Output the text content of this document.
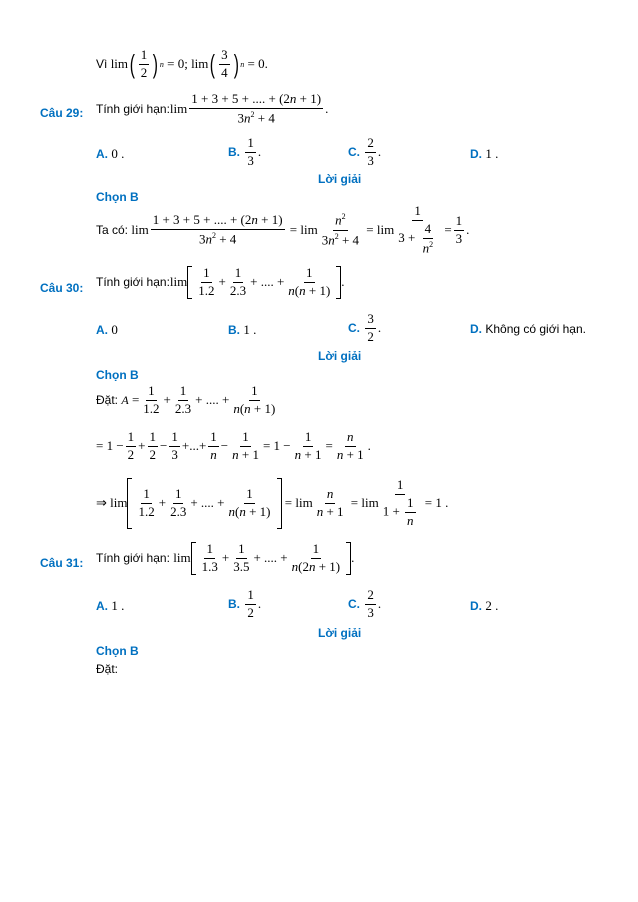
Vì
lim ( $\frac{1}{2}$ ) n = 0; lim ( $\frac{3}{4}$ ) n = 0.
Câu 29: Tính giới hạn: $\lim \frac{1 + 3 + 5 + .... + (2n + 1)}{3n^2 + 4}$ .
A. 0 .	B.
$\frac{1}{3}$ .	C.
$\frac{2}{3}$ .	D. 1 .
Lời giải
Chọn B
Ta có:
$\lim \frac{1 + 3 + 5 + .... + (2n + 1)}{3n^2 + 4} = \lim \frac{n^2}{3n^2 + 4} = \lim \frac{1}{3 + \frac{4}{n^2}} = \frac{1}{3}$ .
Câu 30: Tính giới hạn: $\lim \frac{1}{1.2} + \frac{1}{2.3}$ + .... + $\frac{1}{n(n + 1)}$ .
A. 0	B. 1 .	C.
$\frac{3}{2}$ .	D. Không có giới hạn.
Lời giải
Chọn B
Đặt:
$A = \frac{1}{1.2} + \frac{1}{2.3}$ + .... + $\frac{1}{n(n + 1)}$
= $1 - \frac{1}{2} + \frac{1}{2} - \frac{1}{3}$ +...+ $\frac{1}{n} - \frac{1}{n + 1} = 1 - \frac{1}{n + 1} = \frac{n}{n + 1}$ .
⇒ $\lim \frac{1}{1.2} + \frac{1}{2.3}$ + .... + $\frac{1}{n(n + 1)} = \lim \frac{n}{n + 1} = \lim \frac{1}{1 + \frac{1}{n}} = 1$ .
Câu 31: Tính giới hạn:
$\lim \frac{1}{1.3} + \frac{1}{3.5}$ + .... + $\frac{1}{n(2n + 1)}$ .
A. 1 .	B.
$\frac{1}{2}$ .	C.
$\frac{2}{3}$ .	D. 2 .
Lời giải
Chọn B
Đặt:
